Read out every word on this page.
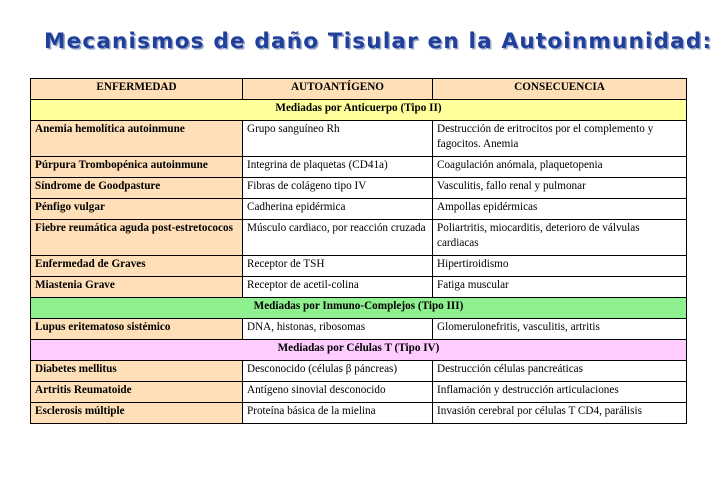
Mecanismos de daño Tisular en la Autoinmunidad:
ENFERMEDAD	AUTOANTÍGENO	CONSECUENCIA
Mediadas por Anticuerpo (Tipo II)		
Anemia hemolítica autoinmune	Grupo sanguíneo Rh	Destrucción de eritrocitos por el complemento y fagocitos. Anemia
Púrpura Trombopénica autoinmune	Integrina de plaquetas (CD41a)	Coagulación anómala, plaquetopenia
Síndrome de Goodpasture	Fibras de colágeno tipo IV	Vasculitis, fallo renal y pulmonar
Pénfigo vulgar	Cadherina epidérmica	Ampollas epidérmicas
Fiebre reumática aguda post-estretococos	Músculo cardiaco, por reacción cruzada	Poliartritis, miocarditis, deterioro de válvulas cardiacas
Enfermedad de Graves	Receptor de TSH	Hipertiroidismo
Miastenia Grave	Receptor de acetil-colina	Fatiga muscular
Mediadas por Inmuno-Complejos (Tipo III)		
Lupus eritematoso sistémico	DNA, histonas, ribosomas	Glomerulonefritis, vasculitis, artritis
Mediadas por Células T (Tipo IV)		
Diabetes mellitus	Desconocido (células β páncreas)	Destrucción células pancreáticas
Artritis Reumatoide	Antígeno sinovial desconocido	Inflamación y destrucción articulaciones
Esclerosis múltiple	Proteína básica de la mielina	Invasión cerebral por células T CD4, parálisis
